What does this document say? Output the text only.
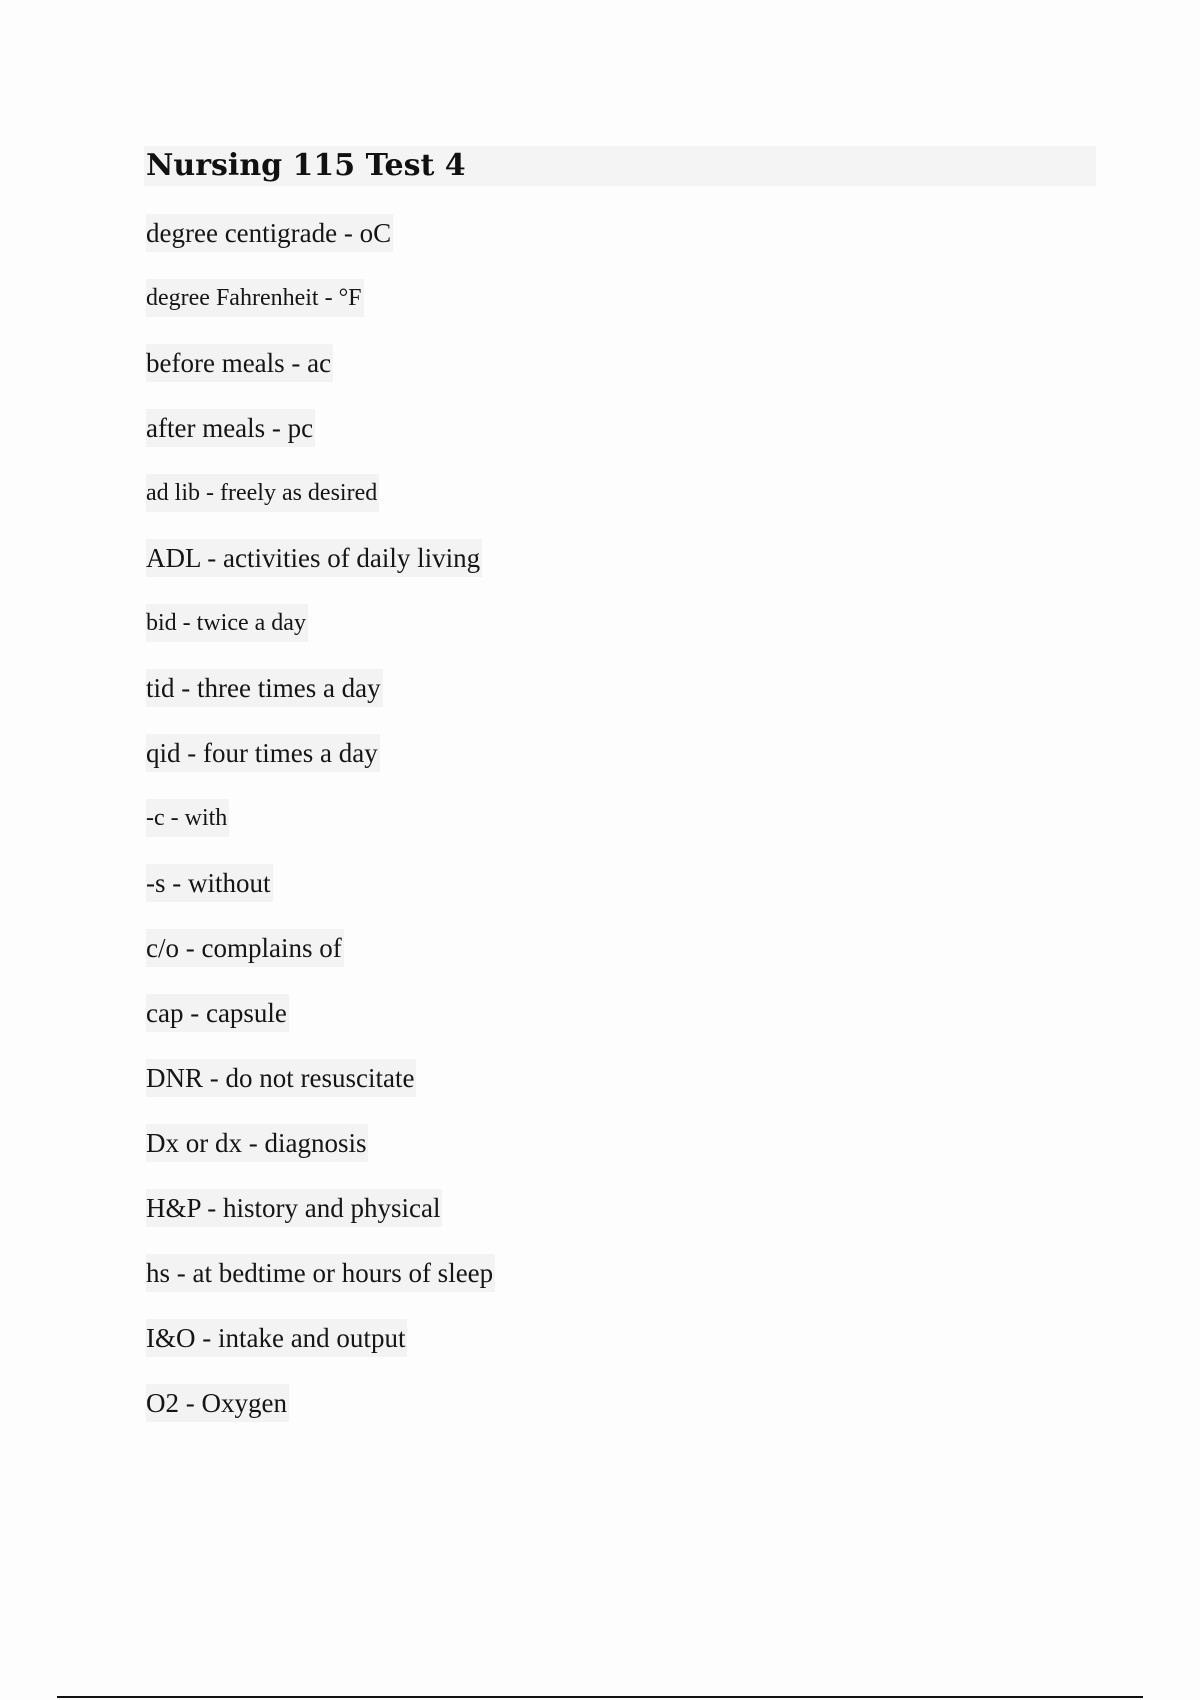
Nursing 115 Test 4
degree centigrade - oC
degree Fahrenheit - °F
before meals - ac
after meals - pc
ad lib - freely as desired
ADL - activities of daily living
bid - twice a day
tid - three times a day
qid - four times a day
-c - with
-s - without
c/o - complains of
cap - capsule
DNR - do not resuscitate
Dx or dx - diagnosis
H&P - history and physical
hs - at bedtime or hours of sleep
I&O - intake and output
O2 - Oxygen
